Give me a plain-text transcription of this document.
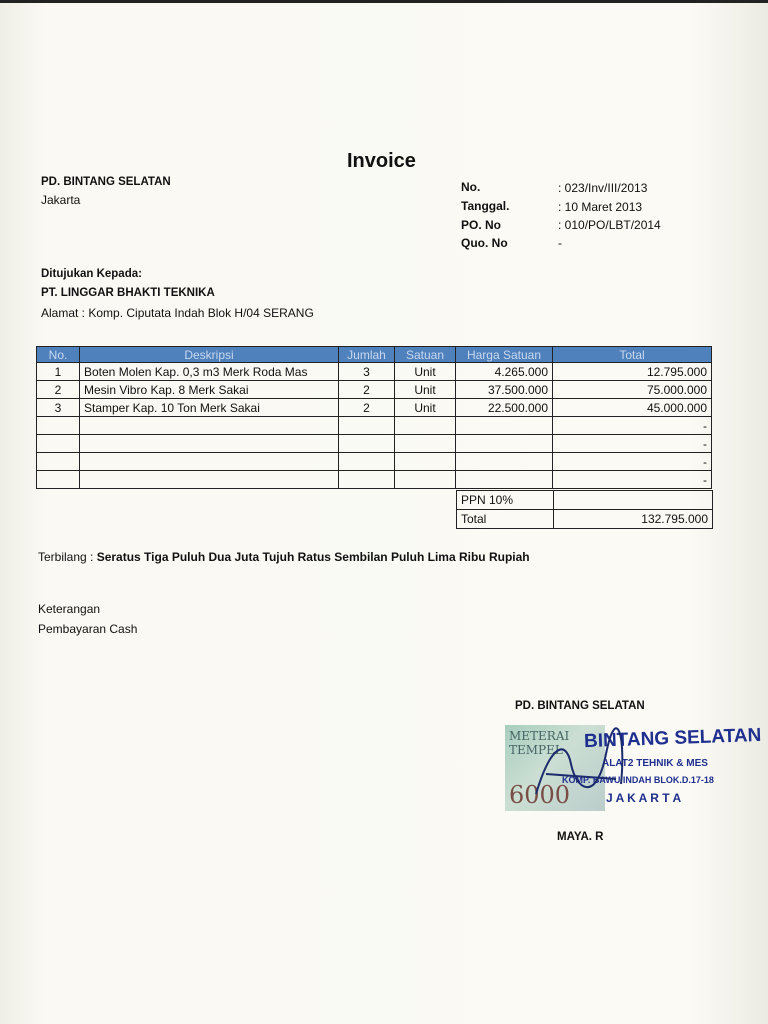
Invoice
PD. BINTANG SELATAN
Jakarta
No.	: 023/Inv/III/2013
Tanggal.	: 10 Maret 2013
PO. No	: 010/PO/LBT/2014
Quo. No	-
Ditujukan Kepada:
PT. LINGGAR BHAKTI TEKNIKA
Alamat : Komp. Ciputata Indah Blok H/04 SERANG
No.	Deskripsi	Jumlah	Satuan	Harga Satuan	Total
1	Boten Molen Kap. 0,3 m3 Merk Roda Mas	3	Unit	4.265.000	12.795.000
2	Mesin Vibro Kap. 8 Merk Sakai	2	Unit	37.500.000	75.000.000
3	Stamper Kap. 10 Ton Merk Sakai	2	Unit	22.500.000	45.000.000
					-
					-
					-
					-
PPN 10%	
Total	132.795.000
Terbilang : Seratus Tiga Puluh Dua Juta Tujuh Ratus Sembilan Puluh Lima Ribu Rupiah
Keterangan
Pembayaran Cash
PD. BINTANG SELATAN
METERAI TEMPEL
6000
BINTANG SELATAN
ALAT2 TEHNIK & MES
KOMP. BAWU INDAH BLOK.D.17-18
J A K A R T A
MAYA. R
